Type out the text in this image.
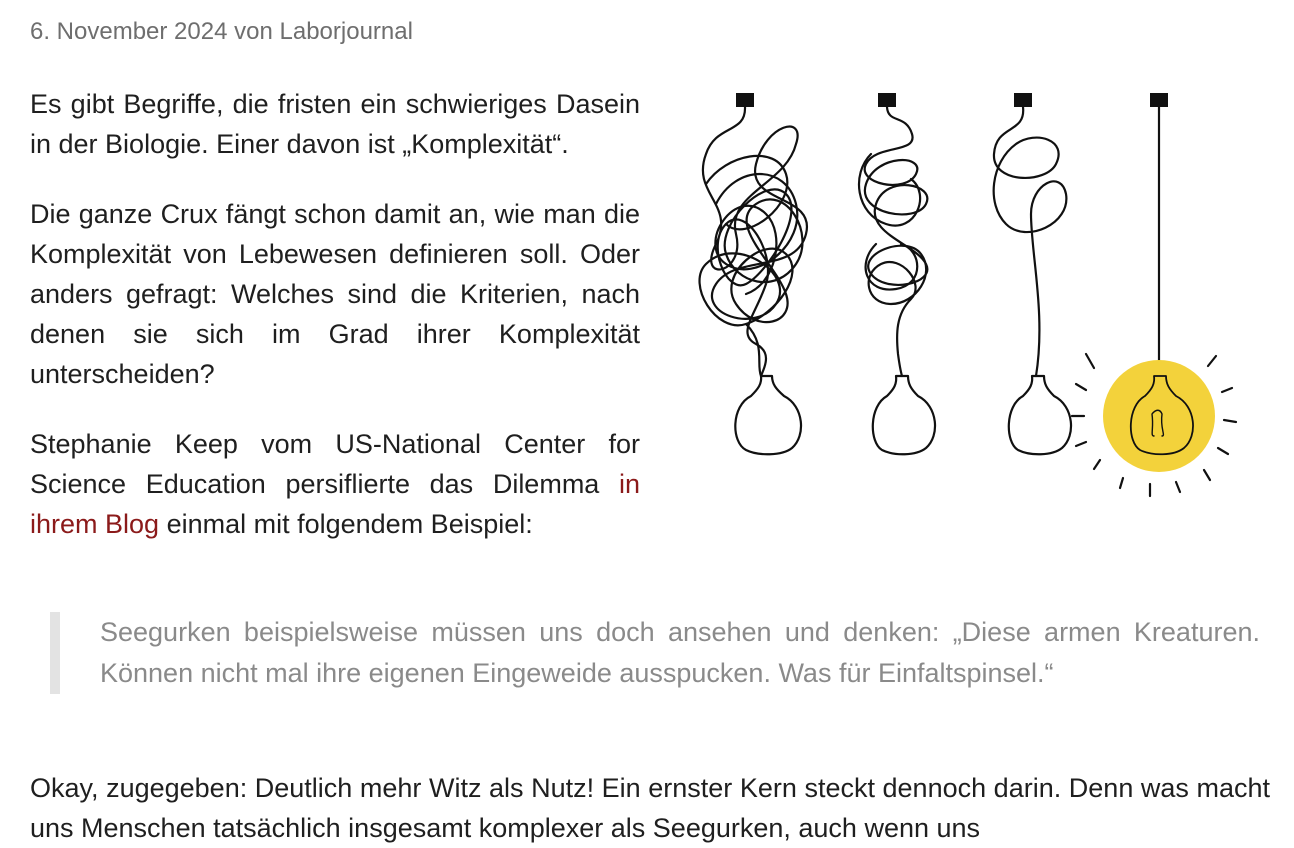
6. November 2024 von Laborjournal

Es gibt Begriffe, die fristen ein schwieriges Dasein in der Biologie. Einer davon ist „Komplexität“.

Die ganze Crux fängt schon damit an, wie man die Komplexität von Lebewesen definieren soll. Oder anders gefragt: Welches sind die Kriterien, nach denen sie sich im Grad ihrer Komplexität unterscheiden?

Stephanie Keep vom US-National Center for Science Education persiflierte das Dilemma in ihrem Blog einmal mit folgendem Beispiel:

Seegurken beispielsweise müssen uns doch ansehen und denken: „Diese armen Kreaturen. Können nicht mal ihre eigenen Eingeweide ausspucken. Was für Einfaltspinsel.“

Okay, zugegeben: Deutlich mehr Witz als Nutz! Ein ernster Kern steckt dennoch darin. Denn was macht uns Menschen tatsächlich insgesamt komplexer als Seegurken, auch wenn uns
